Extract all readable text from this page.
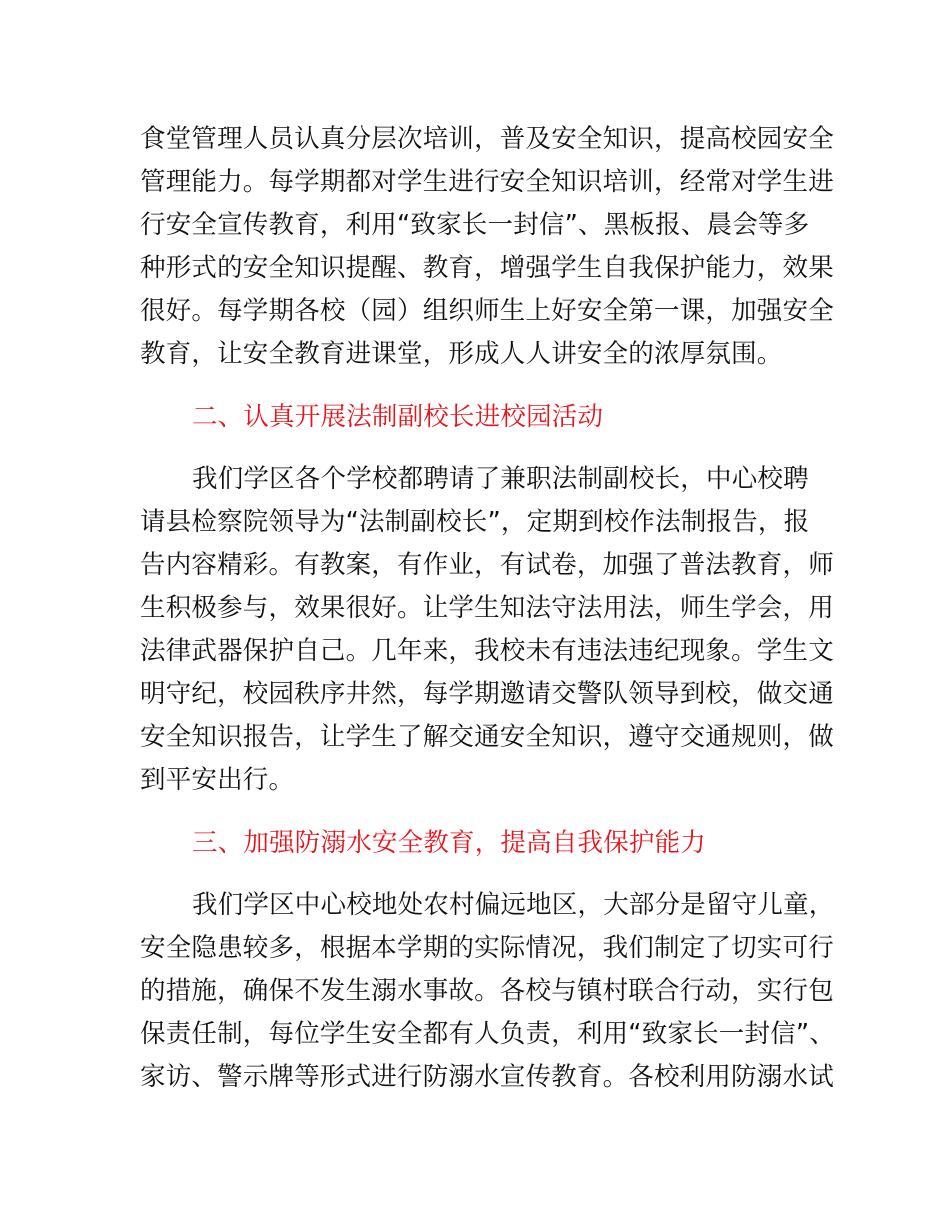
食堂管理人员认真分层次培训，普及安全知识，提高校园安全
管理能力。每学期都对学生进行安全知识培训，经常对学生进
行安全宣传教育，利用“致家长一封信”、黑板报、晨会等多
种形式的安全知识提醒、教育，增强学生自我保护能力，效果
很好。每学期各校（园）组织师生上好安全第一课，加强安全
教育，让安全教育进课堂，形成人人讲安全的浓厚氛围。
二、认真开展法制副校长进校园活动
我们学区各个学校都聘请了兼职法制副校长，中心校聘
请县检察院领导为“法制副校长”，定期到校作法制报告，报
告内容精彩。有教案，有作业，有试卷，加强了普法教育，师
生积极参与，效果很好。让学生知法守法用法，师生学会，用
法律武器保护自己。几年来，我校未有违法违纪现象。学生文
明守纪，校园秩序井然，每学期邀请交警队领导到校，做交通
安全知识报告，让学生了解交通安全知识，遵守交通规则，做
到平安出行。
三、加强防溺水安全教育，提高自我保护能力
我们学区中心校地处农村偏远地区，大部分是留守儿童，
安全隐患较多，根据本学期的实际情况，我们制定了切实可行
的措施，确保不发生溺水事故。各校与镇村联合行动，实行包
保责任制，每位学生安全都有人负责，利用“致家长一封信”、
家访、警示牌等形式进行防溺水宣传教育。各校利用防溺水试
